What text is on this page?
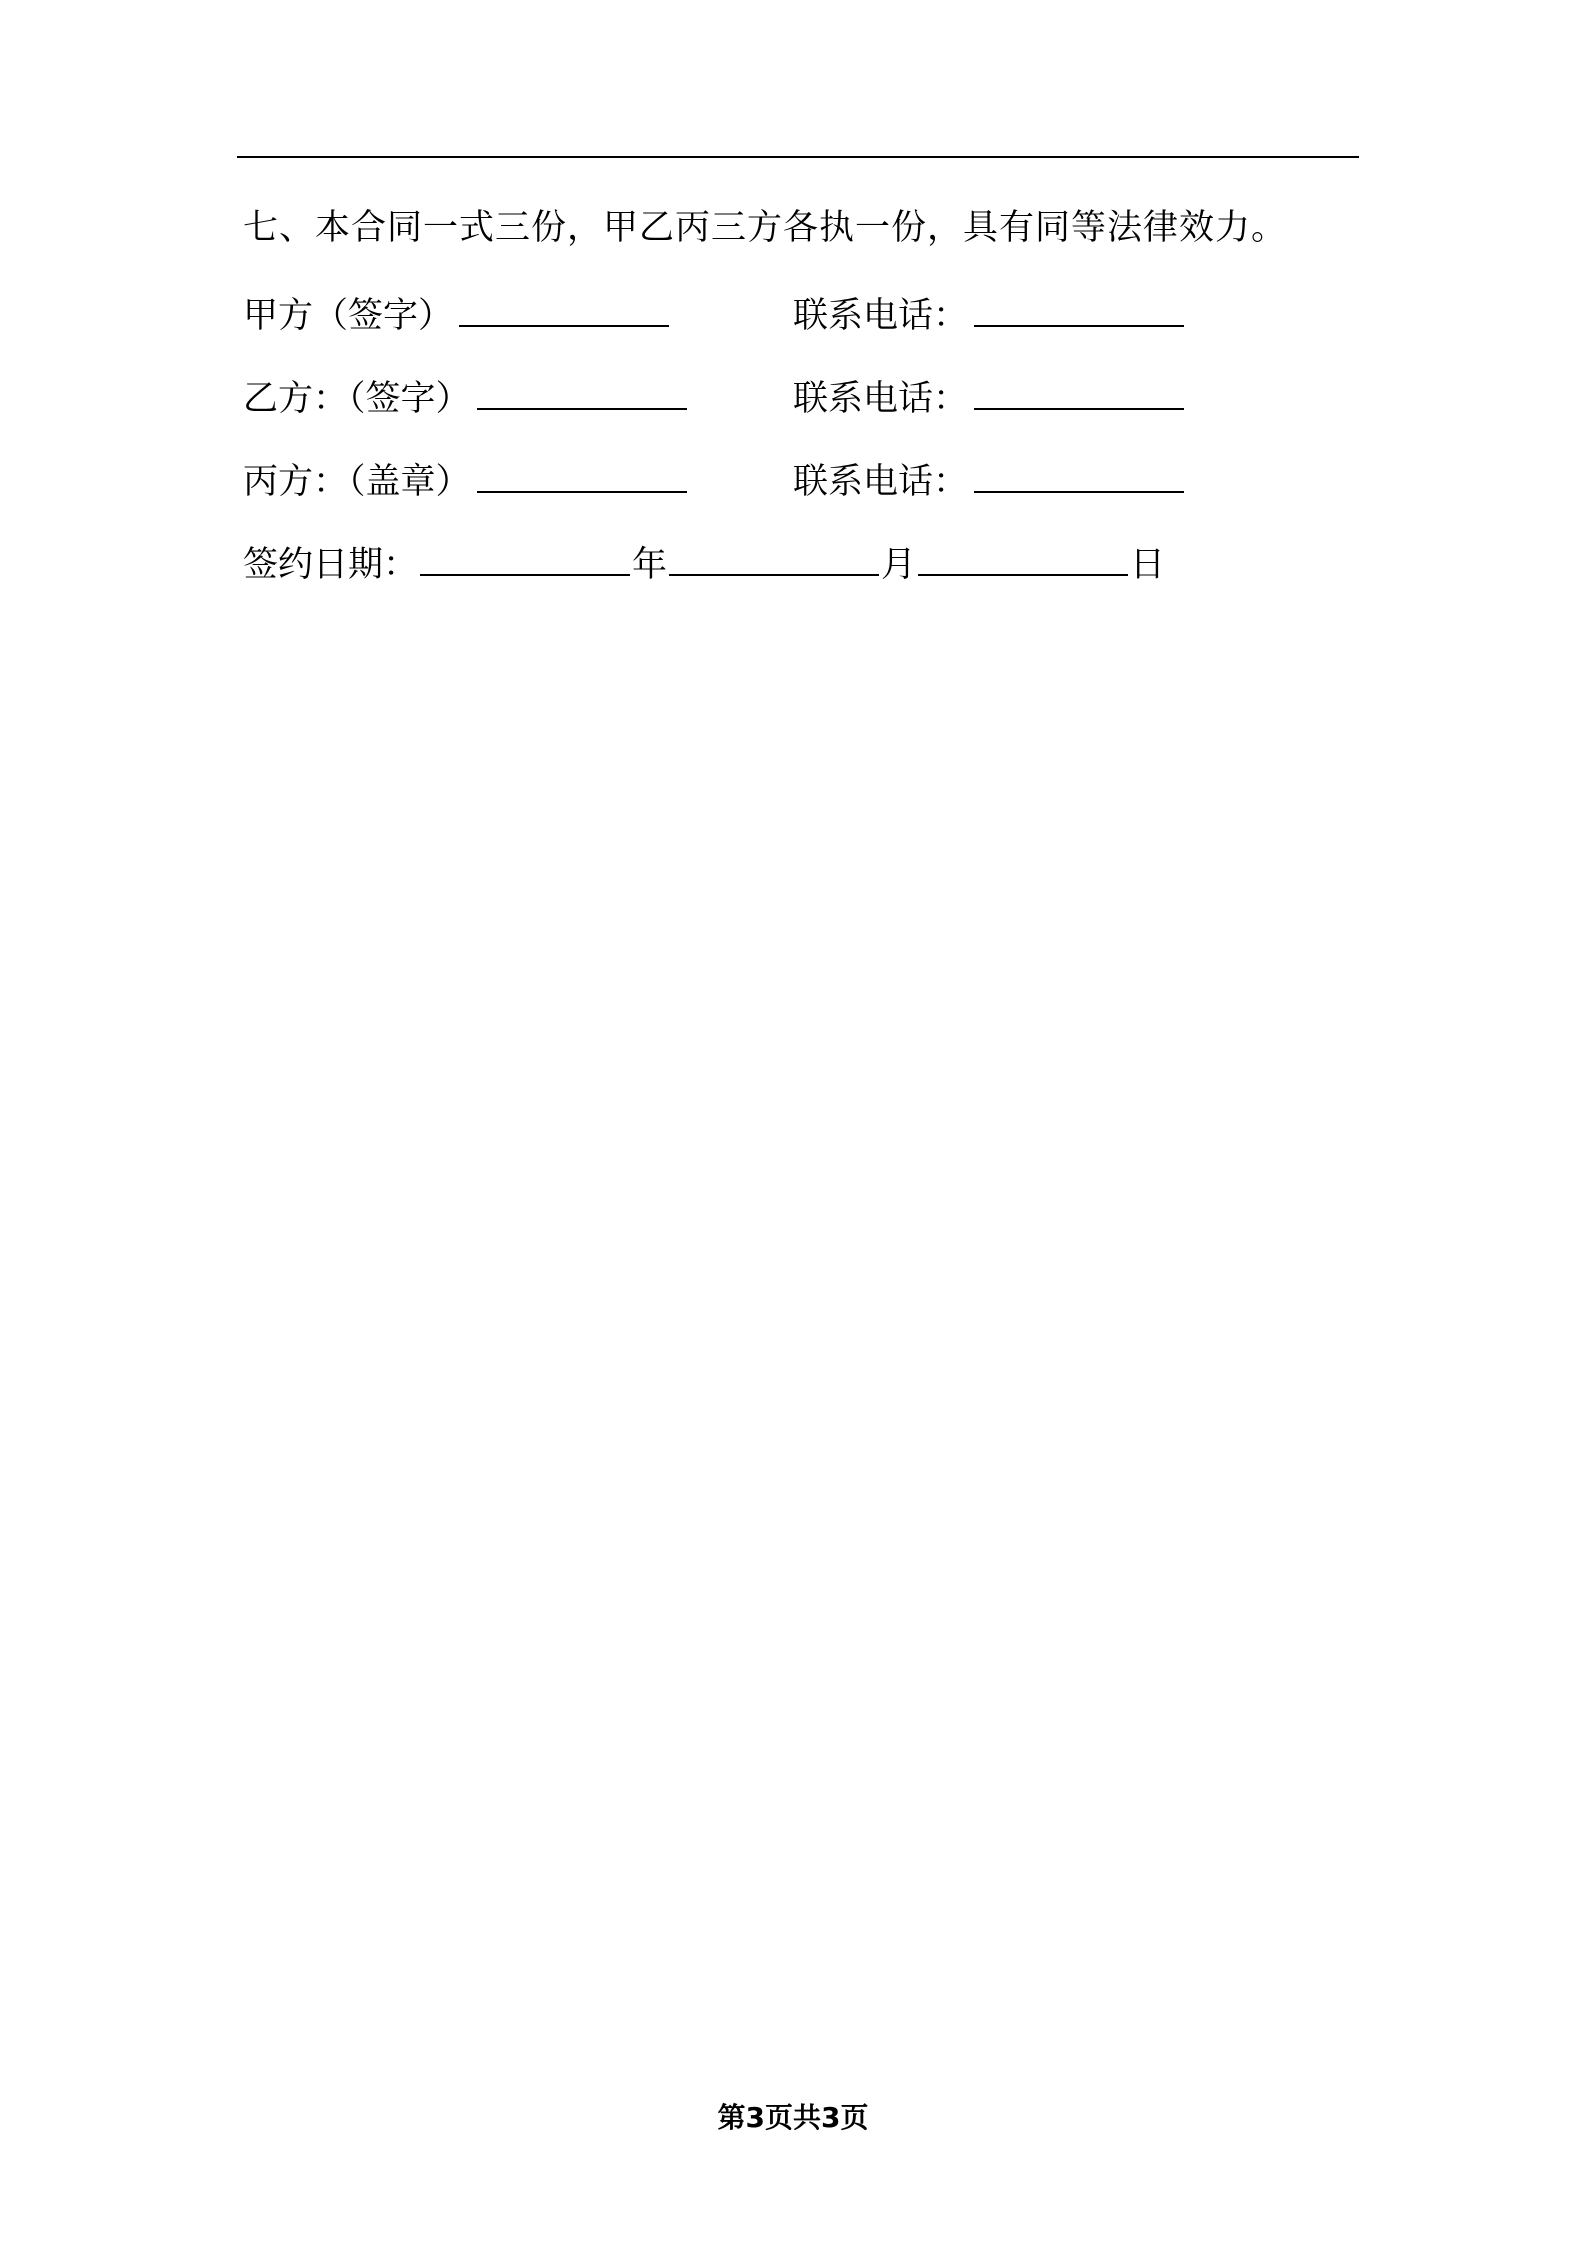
七、本合同一式三份，甲乙丙三方各执一份，具有同等法律效力。
甲方（签字）	联系电话：
乙方：（签字）	联系电话：
丙方：（盖章）	联系电话：
签约日期：	年	月	日
第3页共3页
